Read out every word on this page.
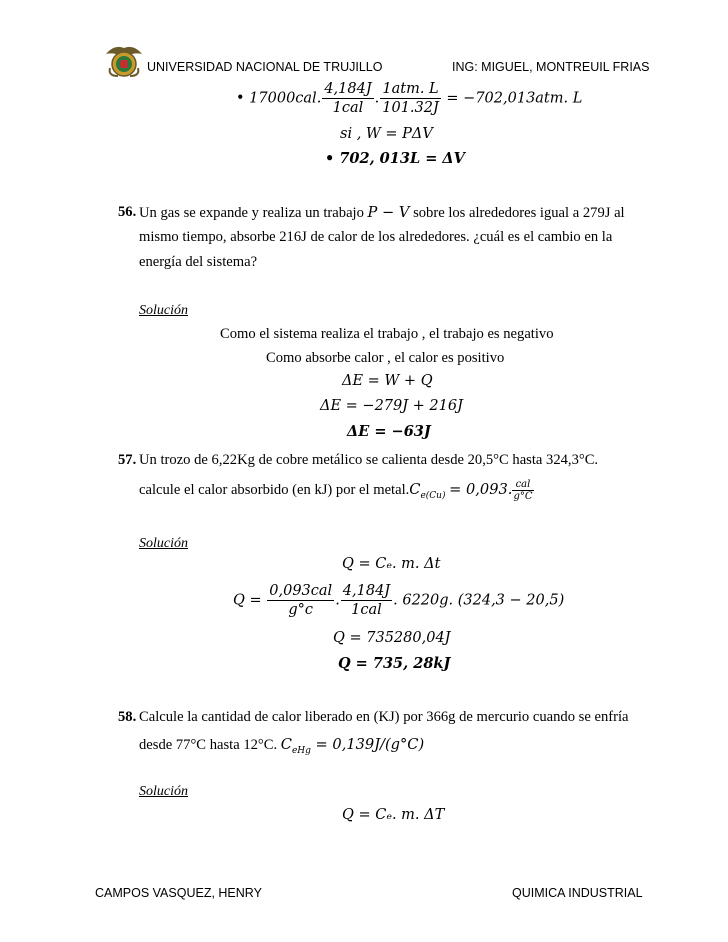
UNIVERSIDAD NACIONAL DE TRUJILLO	ING: MIGUEL, MONTREUIL FRIAS
• 17000cal. $\frac{4,184J}{\text{1cal}}$ . $\frac{\text{1atm. L}}{101.32J} = -702,013atm$. L
si , W = PΔV
• 702, 013L = ΔV
56. Un gas se expande y realiza un trabajo P − V sobre los alrededores igual a 279J al
mismo tiempo, absorbe 216J de calor de los alrededores. ¿cuál es el cambio en la
energía del sistema?
Solución
Como el sistema realiza el trabajo , el trabajo es negativo
Como absorbe calor , el calor es positivo
ΔE = W + Q
ΔE = −279J + 216J
ΔE = −63J
57. Un trozo de 6,22Kg de cobre metálico se calienta desde 20,5°C hasta 324,3°C.
calcule el calor absorbido (en kJ) por el $metal.C_{e(Cu)} = 0,093$. $\frac{\text{cal}}{g^\circ C}$
Solución
Q = Cₑ. m. Δt
$Q = \frac{\text{0,093cal}}{g^\circ c}$ . $\frac{4,184J}{\text{1cal}}$ . 6220g. (324,3 − 20,5)
Q = 735280,04J
Q = 735, 28kJ
58. Calcule la cantidad de calor liberado en (KJ) por 366g de mercurio cuando se enfría
desde 77°C hasta 12°C. $C_{eHg} = 0,139J/(g^\circ C)$
Solución
Q = Cₑ. m. ΔT
CAMPOS VASQUEZ, HENRY	QUIMICA INDUSTRIAL
